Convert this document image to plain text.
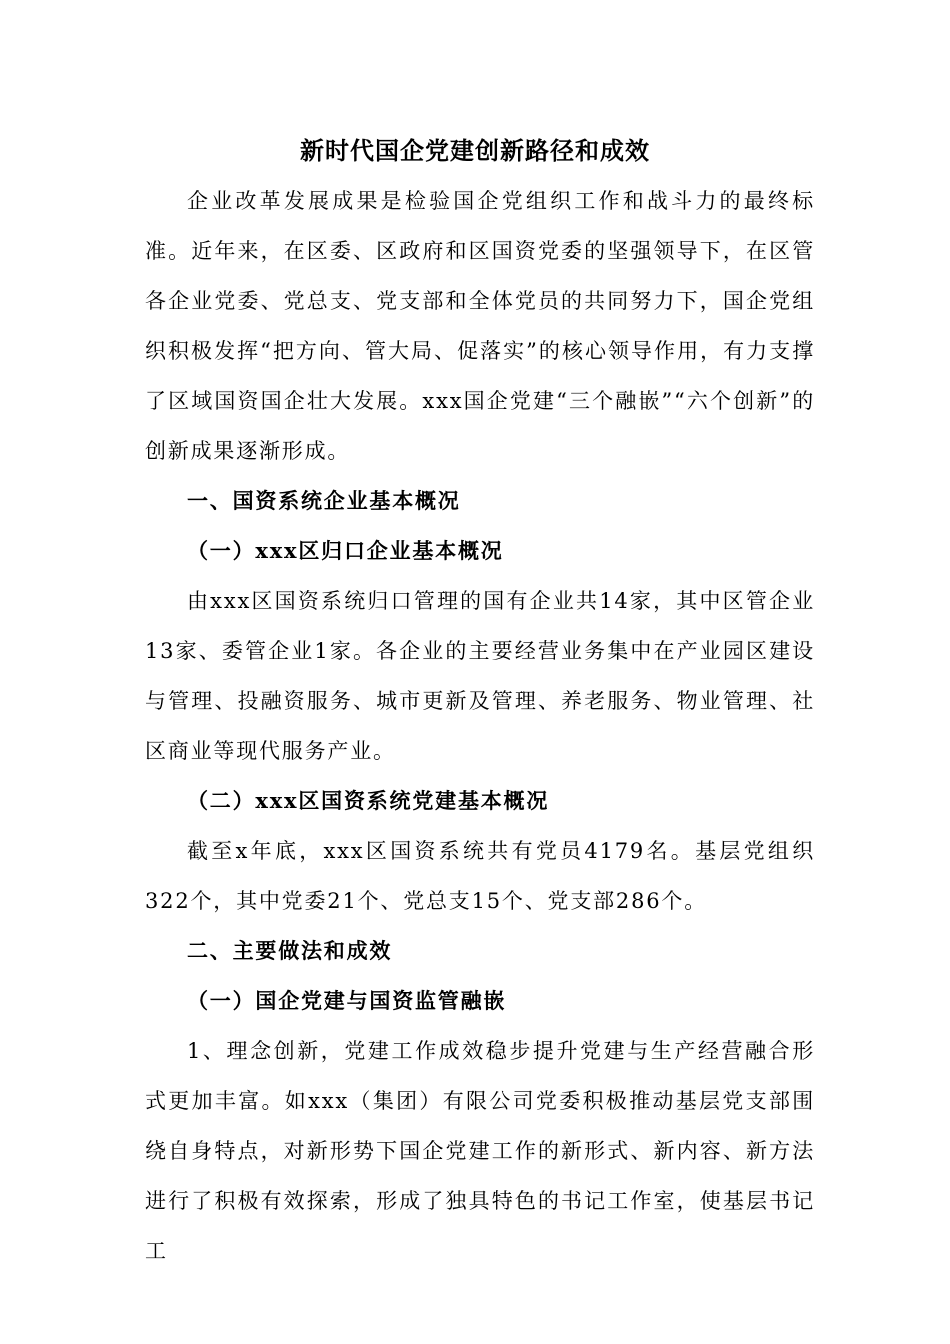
新时代国企党建创新路径和成效

企业改革发展成果是检验国企党组织工作和战斗力的最终标准。近年来，在区委、区政府和区国资党委的坚强领导下，在区管各企业党委、党总支、党支部和全体党员的共同努力下，国企党组织积极发挥“把方向、管大局、促落实”的核心领导作用，有力支撑了区域国资国企壮大发展。xxx国企党建“三个融嵌”“六个创新”的创新成果逐渐形成。

一、国资系统企业基本概况

（一）xxx区归口企业基本概况

由xxx区国资系统归口管理的国有企业共14家，其中区管企业13家、委管企业1家。各企业的主要经营业务集中在产业园区建设与管理、投融资服务、城市更新及管理、养老服务、物业管理、社区商业等现代服务产业。

（二）xxx区国资系统党建基本概况

截至x年底，xxx区国资系统共有党员4179名。基层党组织322个，其中党委21个、党总支15个、党支部286个。

二、主要做法和成效

（一）国企党建与国资监管融嵌

1、理念创新，党建工作成效稳步提升党建与生产经营融合形式更加丰富。如xxx（集团）有限公司党委积极推动基层党支部围绕自身特点，对新形势下国企党建工作的新形式、新内容、新方法进行了积极有效探索，形成了独具特色的书记工作室，使基层书记工
